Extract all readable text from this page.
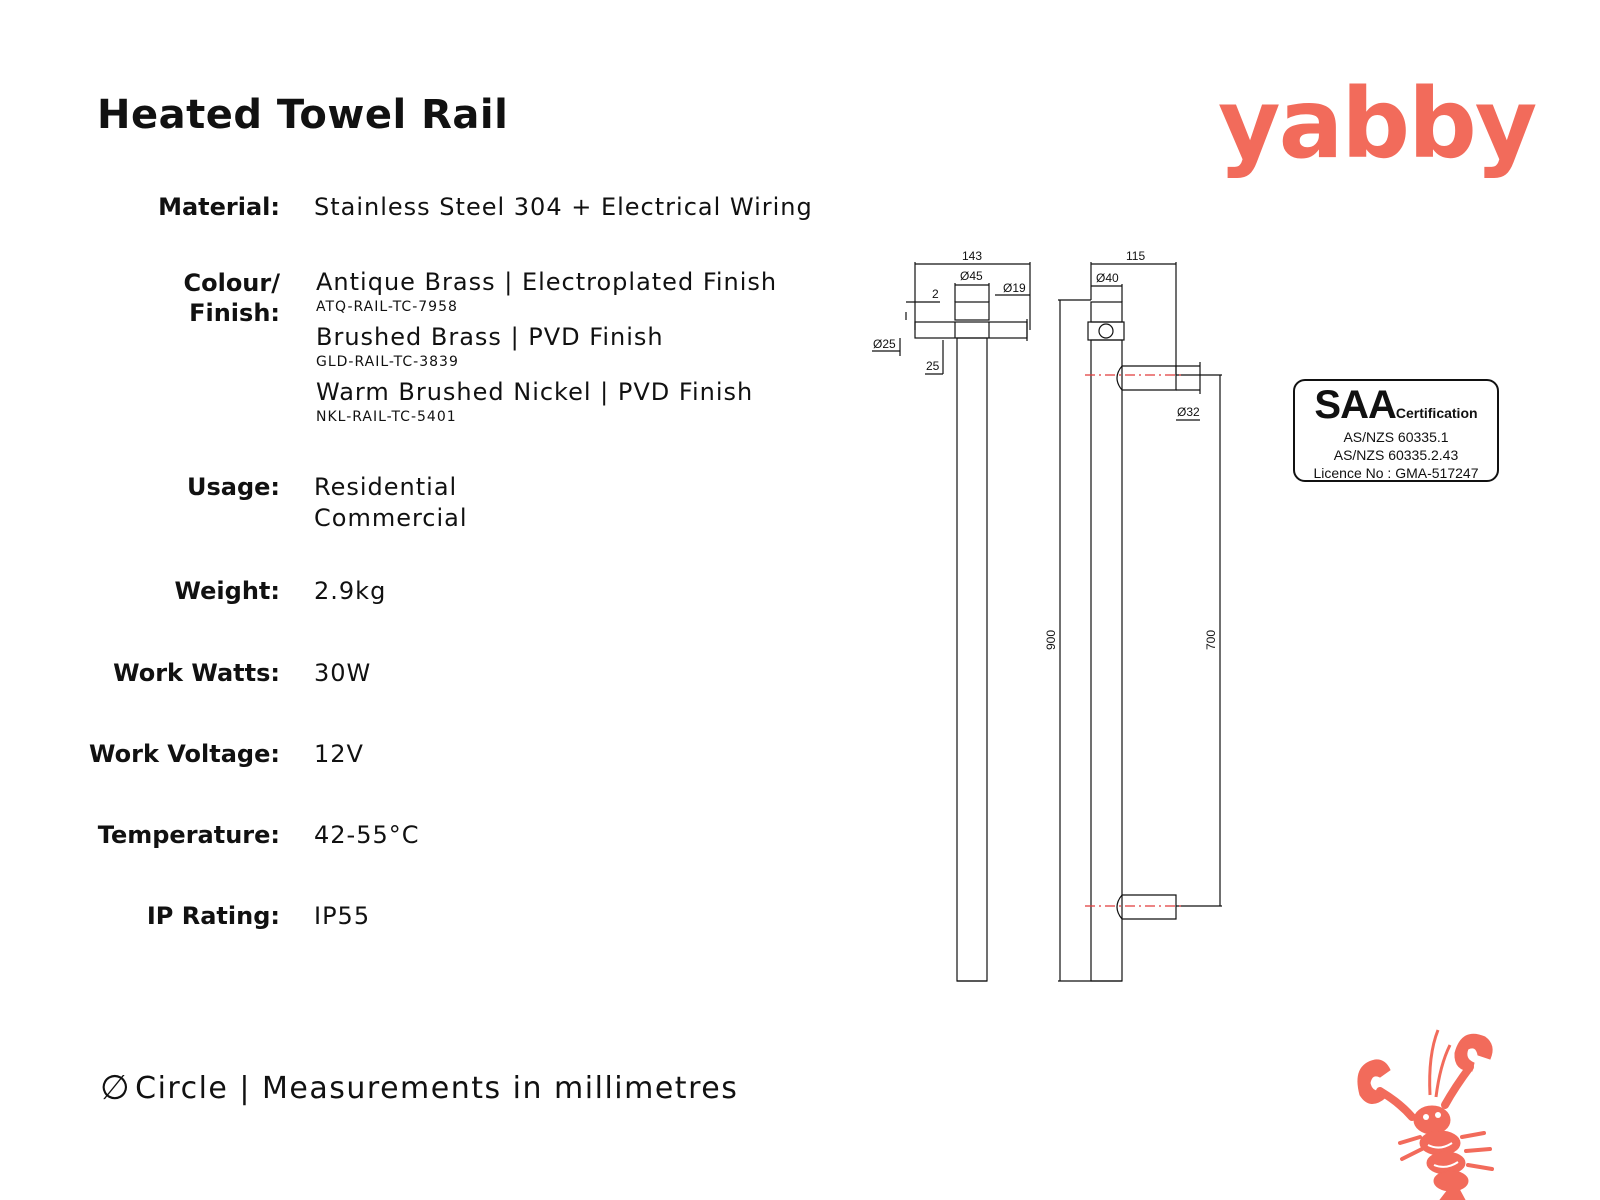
Heated Towel Rail	yabby
Material: Stainless Steel 304 + Electrical Wiring
Colour/
Finish:
Antique Brass | Electroplated Finish
ATQ-RAIL-TC-7958
Brushed Brass | PVD Finish
GLD-RAIL-TC-3839
Warm Brushed Nickel | PVD Finish
NKL-RAIL-TC-5401
Usage: Residential
Commercial
Weight: 2.9kg
Work Watts: 30W
Work Voltage: 12V
Temperature: 42-55°C
IP Rating: IP55
143
Ø45
Ø19
2
Ø25
25
115
Ø40
Ø32
900	700
SAACertification
AS/NZS 60335.1
AS/NZS 60335.2.43
Licence No : GMA-517247
∅ Circle | Measurements in millimetres
